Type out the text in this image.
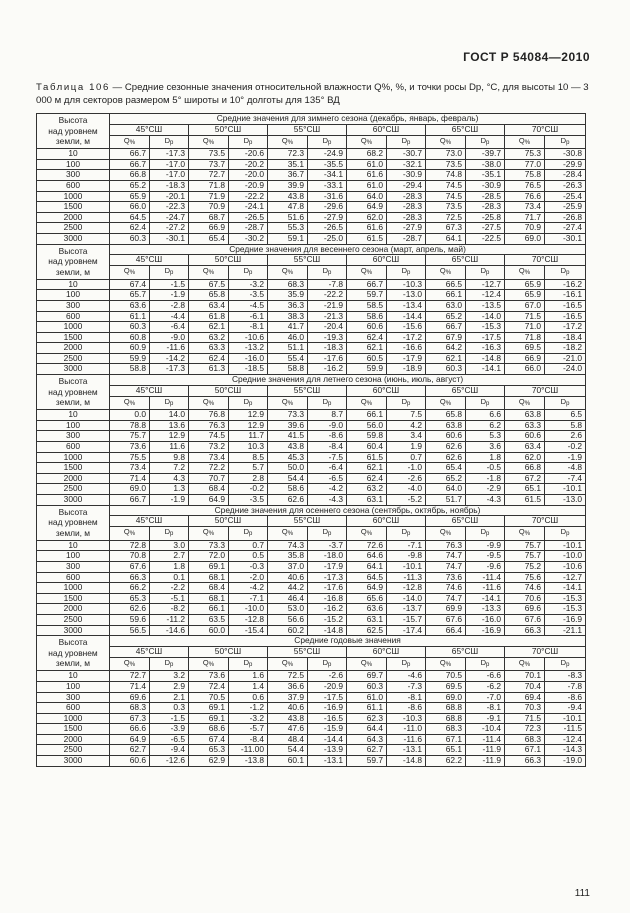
ГОСТ Р 54084—2010
Таблица 106 — Средние сезонные значения относительной влажности Q%, %, и точки росы Dp, °C, для высоты 10 — 3 000 м для секторов размером 5° широты и 10° долготы для 135° ВД
Высота
над уровнем
земли, м	Средние значения для зимнего сезона (декабрь, январь, февраль)											
	45°СШ		50°СШ		55°СШ		60°СШ		65°СШ		70°СШ	
	$Q_{\%}$	$D_p$	$Q_{\%}$	$D_p$	$Q_{\%}$	$D_p$	$Q_{\%}$	$D_p$	$Q_{\%}$	$D_p$	$Q_{\%}$	$D_p$
10	66.7	-17.3	73.5	-20.6	72.3	-24.9	68.2	-30.7	73.0	-39.7	75.3	-30.8
100	66.7	-17.0	73.7	-20.2	35.1	-35.5	61.0	-32.1	73.5	-38.0	77.0	-29.9
300	66.8	-17.0	72.7	-20.0	36.7	-34.1	61.6	-30.9	74.8	-35.1	75.8	-28.4
600	65.2	-18.3	71.8	-20.9	39.9	-33.1	61.0	-29.4	74.5	-30.9	76.5	-26.3
1000	65.9	-20.1	71.9	-22.2	43.8	-31.6	64.0	-28.3	74.5	-28.5	76.6	-25.4
1500	66.0	-22.3	70.9	-24.1	47.8	-29.6	64.9	-28.3	73.5	-28.3	73.4	-25.9
2000	64.5	-24.7	68.7	-26.5	51.6	-27.9	62.0	-28.3	72.5	-25.8	71.7	-26.8
2500	62.4	-27.2	66.9	-28.7	55.3	-26.5	61.6	-27.9	67.3	-27.5	70.9	-27.4
3000	60.3	-30.1	65.4	-30.2	59.1	-25.0	61.5	-28.7	64.1	-22.5	69.0	-30.1

Высота
над уровнем
земли, м	Средние значения для весеннего сезона (март, апрель, май)											
	45°СШ		50°СШ		55°СШ		60°СШ		65°СШ		70°СШ	
	$Q_{\%}$	$D_p$	$Q_{\%}$	$D_p$	$Q_{\%}$	$D_p$	$Q_{\%}$	$D_p$	$Q_{\%}$	$D_p$	$Q_{\%}$	$D_p$
10	67.4	-1.5	67.5	-3.2	68.3	-7.8	66.7	-10.3	66.5	-12.7	65.9	-16.2
100	65.7	-1.9	65.8	-3.5	35.9	-22.2	59.7	-13.0	66.1	-12.4	65.9	-16.1
300	63.6	-2.8	63.4	-4.5	36.3	-21.9	58.5	-13.4	63.0	-13.5	67.0	-16.5
600	61.1	-4.4	61.8	-6.1	38.3	-21.3	58.6	-14.4	65.2	-14.0	71.5	-16.5
1000	60.3	-6.4	62.1	-8.1	41.7	-20.4	60.6	-15.6	66.7	-15.3	71.0	-17.2
1500	60.8	-9.0	63.2	-10.6	46.0	-19.3	62.4	-17.2	67.9	-17.5	71.8	-18.4
2000	60.9	-11.6	63.3	-13.2	51.1	-18.3	62.1	-16.6	64.2	-16.3	69.5	-18.2
2500	59.9	-14.2	62.4	-16.0	55.4	-17.6	60.5	-17.9	62.1	-14.8	66.9	-21.0
3000	58.8	-17.3	61.3	-18.5	58.8	-16.2	59.9	-18.9	60.3	-14.1	66.0	-24.0

Высота
над уровнем
земли, м	Средние значения для летнего сезона (июнь, июль, август)											
	45°СШ		50°СШ		55°СШ		60°СШ		65°СШ		70°СШ	
	$Q_{\%}$	$D_p$	$Q_{\%}$	$D_p$	$Q_{\%}$	$D_p$	$Q_{\%}$	$D_p$	$Q_{\%}$	$D_p$	$Q_{\%}$	$D_p$
10	0.0	14.0	76.8	12.9	73.3	8.7	66.1	7.5	65.8	6.6	63.8	6.5
100	78.8	13.6	76.3	12.9	39.6	-9.0	56.0	4.2	63.8	6.2	63.3	5.8
300	75.7	12.9	74.5	11.7	41.5	-8.6	59.8	3.4	60.6	5.3	60.6	2.6
600	73.6	11.6	73.2	10.3	43.8	-8.4	60.4	1.9	62.6	3.6	63.4	-0.2
1000	75.5	9.8	73.4	8.5	45.3	-7.5	61.5	0.7	62.6	1.8	62.0	-1.9
1500	73.4	7.2	72.2	5.7	50.0	-6.4	62.1	-1.0	65.4	-0.5	66.8	-4.8
2000	71.4	4.3	70.7	2.8	54.4	-6.5	62.4	-2.6	65.2	-1.8	67.2	-7.4
2500	69.0	1.3	68.4	-0.2	58.6	-4.2	63.2	-4.0	64.0	-2.9	65.1	-10.1
3000	66.7	-1.9	64.9	-3.5	62.6	-4.3	63.1	-5.2	51.7	-4.3	61.5	-13.0

Высота
над уровнем
земли, м	Средние значения для осеннего сезона (сентябрь, октябрь, ноябрь)											
	45°СШ		50°СШ		55°СШ		60°СШ		65°СШ		70°СШ	
	$Q_{\%}$	$D_p$	$Q_{\%}$	$D_p$	$Q_{\%}$	$D_p$	$Q_{\%}$	$D_p$	$Q_{\%}$	$D_p$	$Q_{\%}$	$D_p$
10	72.8	3.0	73.3	0.7	74.3	-3.7	72.6	-7.1	76.3	-9.9	75.7	-10.1
100	70.8	2.7	72.0	0.5	35.8	-18.0	64.6	-9.8	74.7	-9.5	75.7	-10.0
300	67.6	1.8	69.1	-0.3	37.0	-17.9	64.1	-10.1	74.7	-9.6	75.2	-10.6
600	66.3	0.1	68.1	-2.0	40.6	-17.3	64.5	-11.3	73.6	-11.4	75.6	-12.7
1000	66.2	-2.2	68.4	-4.2	44.2	-17.6	64.9	-12.8	74.6	-11.6	74.6	-14.1
1500	65.3	-5.1	68.1	-7.1	46.4	-16.8	65.6	-14.0	74.7	-14.1	70.6	-15.3
2000	62.6	-8.2	66.1	-10.0	53.0	-16.2	63.6	-13.7	69.9	-13.3	69.6	-15.3
2500	59.6	-11.2	63.5	-12.8	56.6	-15.2	63.1	-15.7	67.6	-16.0	67.6	-16.9
3000	56.5	-14.6	60.0	-15.4	60.2	-14.8	62.5	-17.4	66.4	-16.9	66.3	-21.1

Высота
над уровнем
земли, м	Средние годовые значения											
	45°СШ		50°СШ		55°СШ		60°СШ		65°СШ		70°СШ	
	$Q_{\%}$	$D_p$	$Q_{\%}$	$D_p$	$Q_{\%}$	$D_p$	$Q_{\%}$	$D_p$	$Q_{\%}$	$D_p$	$Q_{\%}$	$D_p$
10	72.7	3.2	73.6	1.6	72.5	-2.6	69.7	-4.6	70.5	-6.6	70.1	-8.3
100	71.4	2.9	72.4	1.4	36.6	-20.9	60.3	-7.3	69.5	-6.2	70.4	-7.8
300	69.6	2.1	70.5	0.6	37.9	-17.5	61.0	-8.1	69.0	-7.0	69.4	-8.6
600	68.3	0.3	69.1	-1.2	40.6	-16.9	61.1	-8.6	68.8	-8.1	70.3	-9.4
1000	67.3	-1.5	69.1	-3.2	43.8	-16.5	62.3	-10.3	68.8	-9.1	71.5	-10.1
1500	66.6	-3.9	68.6	-5.7	47.6	-15.9	64.4	-11.0	68.3	-10.4	72.3	-11.5
2000	64.9	-6.5	67.4	-8.4	48.4	-14.4	64.3	-11.6	67.1	-11.4	68.3	-12.4
2500	62.7	-9.4	65.3	-11.00	54.4	-13.9	62.7	-13.1	65.1	-11.9	67.1	-14.3
3000	60.6	-12.6	62.9	-13.8	60.1	-13.1	59.7	-14.8	62.2	-11.9	66.3	-19.0
111
